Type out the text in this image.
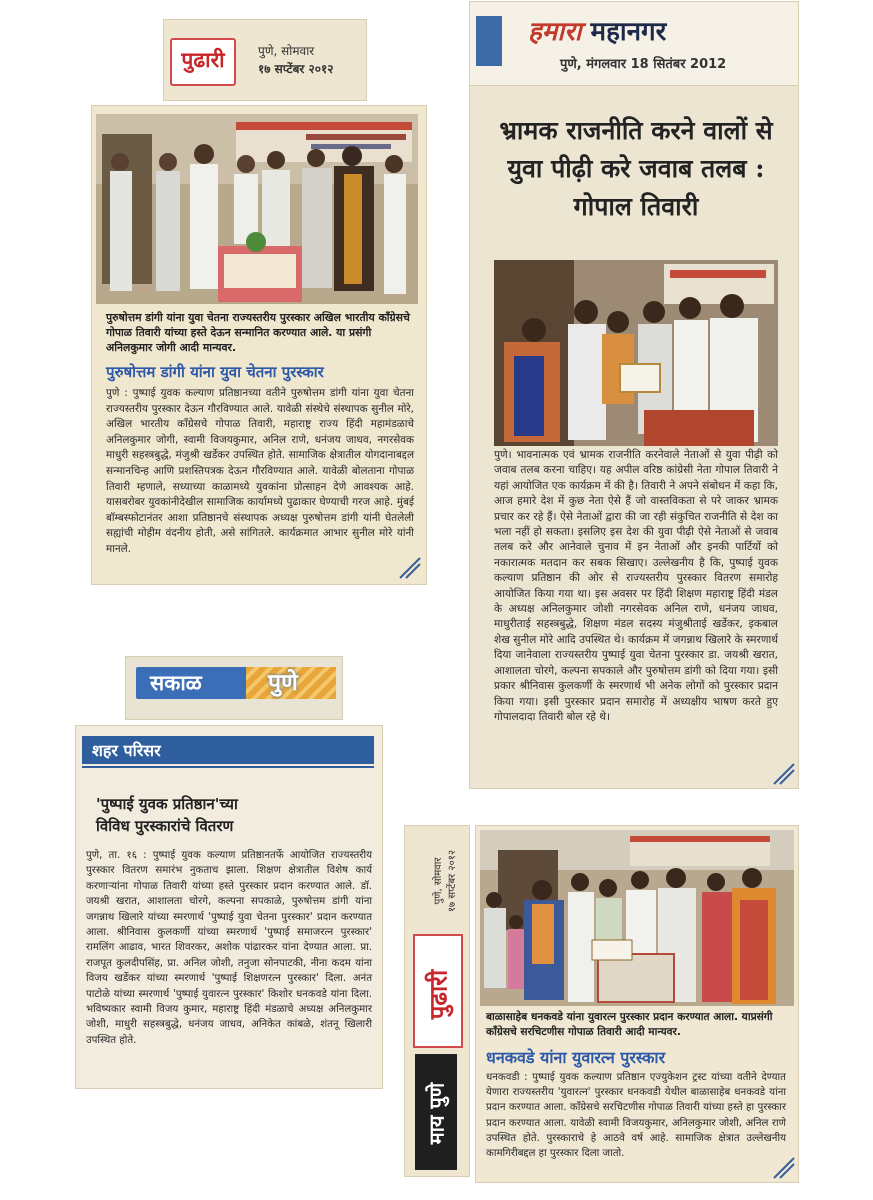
पुढारी	पुणे, सोमवार
१७ सप्टेंबर २०१२
पुरुषोत्तम डांगी यांना युवा चेतना राज्यस्तरीय पुरस्कार अखिल भारतीय काँग्रेसचे गोपाळ तिवारी यांच्या हस्ते देऊन सन्मानित करण्यात आले. या प्रसंगी अनिलकुमार जोगी आदी मान्यवर.
पुरुषोत्तम डांगी यांना युवा चेतना पुरस्कार
पुणे : पुष्पाई युवक कल्याण प्रतिष्ठानच्या वतीने पुरुषोत्तम डांगी यांना युवा चेतना राज्यस्तरीय पुरस्कार देऊन गौरविण्यात आले. यावेळी संस्थेचे संस्थापक सुनील मोरे, अखिल भारतीय काँग्रेसचे गोपाळ तिवारी, महाराष्ट्र राज्य हिंदी महामंडळाचे अनिलकुमार जोगी, स्वामी विजयकुमार, अनिल राणे, धनंजय जाधव, नगरसेवक माधुरी सहस्त्रबुद्धे, मंजुश्री खर्डेकर उपस्थित होते. सामाजिक क्षेत्रातील योगदानाबद्दल सन्मानचिन्ह आणि प्रशस्तिपत्रक देऊन गौरविण्यात आले. यावेळी बोलताना गोपाळ तिवारी म्हणाले, सध्याच्या काळामध्ये युवकांना प्रोत्साहन देणे आवश्यक आहे. यासबरोबर युवकांनीदेखील सामाजिक कार्यामध्ये पुढाकार घेण्याची गरज आहे. मुंबई बॉम्बस्फोटानंतर आशा प्रतिष्ठानचे संस्थापक अध्यक्ष पुरुषोत्तम डांगी यांनी घेतलेली सह्यांची मोहीम वंदनीय होती, असे सांगितले. कार्यक्रमात आभार सुनील मोरे यांनी मानले.
हमारा महानगर
पुणे, मंगलवार 18 सितंबर 2012
भ्रामक राजनीति करने वालों से युवा पीढ़ी करे जवाब तलब : गोपाल तिवारी
पुणे। भावनात्मक एवं भ्रामक राजनीति करनेवाले नेताओं से युवा पीढ़ी को जवाब तलब करना चाहिए। यह अपील वरिष्ठ कांग्रेसी नेता गोपाल तिवारी ने यहां आयोजित एक कार्यक्रम में की है। तिवारी ने अपने संबोधन में कहा कि, आज हमारे देश में कुछ नेता ऐसे हैं जो वास्तविकता से परे जाकर भ्रामक प्रचार कर रहे हैं। ऐसे नेताओं द्वारा की जा रही संकुचित राजनीति से देश का भला नहीं हो सकता। इसलिए इस देश की युवा पीढ़ी ऐसे नेताओं से जवाब तलब करे और आनेवाले चुनाव में इन नेताओं और इनकी पार्टियों को नकारात्मक मतदान कर सबक सिखाए। उल्लेखनीय है कि, पुष्पाई युवक कल्याण प्रतिष्ठान की ओर से राज्यस्तरीय पुरस्कार वितरण समारोह आयोजित किया गया था। इस अवसर पर हिंदी शिक्षण महाराष्ट्र हिंदी मंडल के अध्यक्ष अनिलकुमार जोशी नगरसेवक अनिल राणे, धनंजय जाधव, माधुरीताई सहस्त्रबुद्धे, शिक्षण मंडल सदस्य मंजुश्रीताई खर्डेकर, इकबाल शेख सुनील मोरे आदि उपस्थित थे। कार्यक्रम में जगन्नाथ खिलारे के स्मरणार्थ दिया जानेवाला राज्यस्तरीय पुष्पाई युवा चेतना पुरस्कार डा. जयश्री खरात, आशालता चोरगे, कल्पना सपकाले और पुरुषोत्तम डांगी को दिया गया। इसी प्रकार श्रीनिवास कुलकर्णी के स्मरणार्थ भी अनेक लोगों को पुरस्कार प्रदान किया गया। इसी पुरस्कार प्रदान समारोह में अध्यक्षीय भाषण करते हुए गोपालदादा तिवारी बोल रहे थे।
सकाळ	पुणे
शहर परिसर
'पुष्पाई युवक प्रतिष्ठान'च्या
विविध पुरस्कारांचे वितरण
पुणे, ता. १६ : पुष्पाई युवक कल्याण प्रतिष्ठानतर्फे आयोजित राज्यस्तरीय पुरस्कार वितरण समारंभ नुकताच झाला. शिक्षण क्षेत्रातील विशेष कार्य करणाऱ्यांना गोपाळ तिवारी यांच्या हस्ते पुरस्कार प्रदान करण्यात आले. डॉ. जयश्री खरात, आशालता चोरगे, कल्पना सपकाळे, पुरुषोत्तम डांगी यांना जगन्नाथ खिलारे यांच्या स्मरणार्थ 'पुष्पाई युवा चेतना पुरस्कार' प्रदान करण्यात आला. श्रीनिवास कुलकर्णी यांच्या स्मरणार्थ 'पुष्पाई समाजरत्न पुरस्कार' रामलिंग आढाव, भारत शिवरकर, अशोक पांढारकर यांना देण्यात आला. प्रा. राजपूत कुलदीपसिंह, प्रा. अनिल जोशी, तनुजा सोनपाटकी, नीना कदम यांना विजय खर्डेकर यांच्या स्मरणार्थ 'पुष्पाई शिक्षणरत्न पुरस्कार' दिला. अनंत पाटोळे यांच्या स्मरणार्थ 'पुष्पाई युवारत्न पुरस्कार' किशोर धनकवडे यांना दिला. भविष्यकार स्वामी विजय कुमार, महाराष्ट्र हिंदी मंडळाचे अध्यक्ष अनिलकुमार जोशी, माधुरी सहस्त्रबुद्धे, धनंजय जाधव, अनिकेत कांबळे, शंतनू खिलारी उपस्थित होते.
पुणे, सोमवार १७ सप्टेंबर २०१२
पुढारी
माय पुणे
बाळासाहेब धनकवडे यांना युवारत्न पुरस्कार प्रदान करण्यात आला. याप्रसंगी काँग्रेसचे सरचिटणीस गोपाळ तिवारी आदी मान्यवर.
धनकवडे यांना युवारत्न पुरस्कार
धनकवडी : पुष्पाई युवक कल्याण प्रतिष्ठान एज्युकेशन ट्रस्ट यांच्या वतीने देण्यात येणारा राज्यस्तरीय 'युवारत्न' पुरस्कार धनकवडी येथील बाळासाहेब धनकवडे यांना प्रदान करण्यात आला. काँग्रेसचे सरचिटणीस गोपाळ तिवारी यांच्या हस्ते हा पुरस्कार प्रदान करण्यात आला. यावेळी स्वामी विजयकुमार, अनिलकुमार जोशी, अनिल राणे उपस्थित होते. पुरस्काराचे हे आठवे वर्ष आहे. सामाजिक क्षेत्रात उल्लेखनीय कामगिरीबद्दल हा पुरस्कार दिला जातो.
